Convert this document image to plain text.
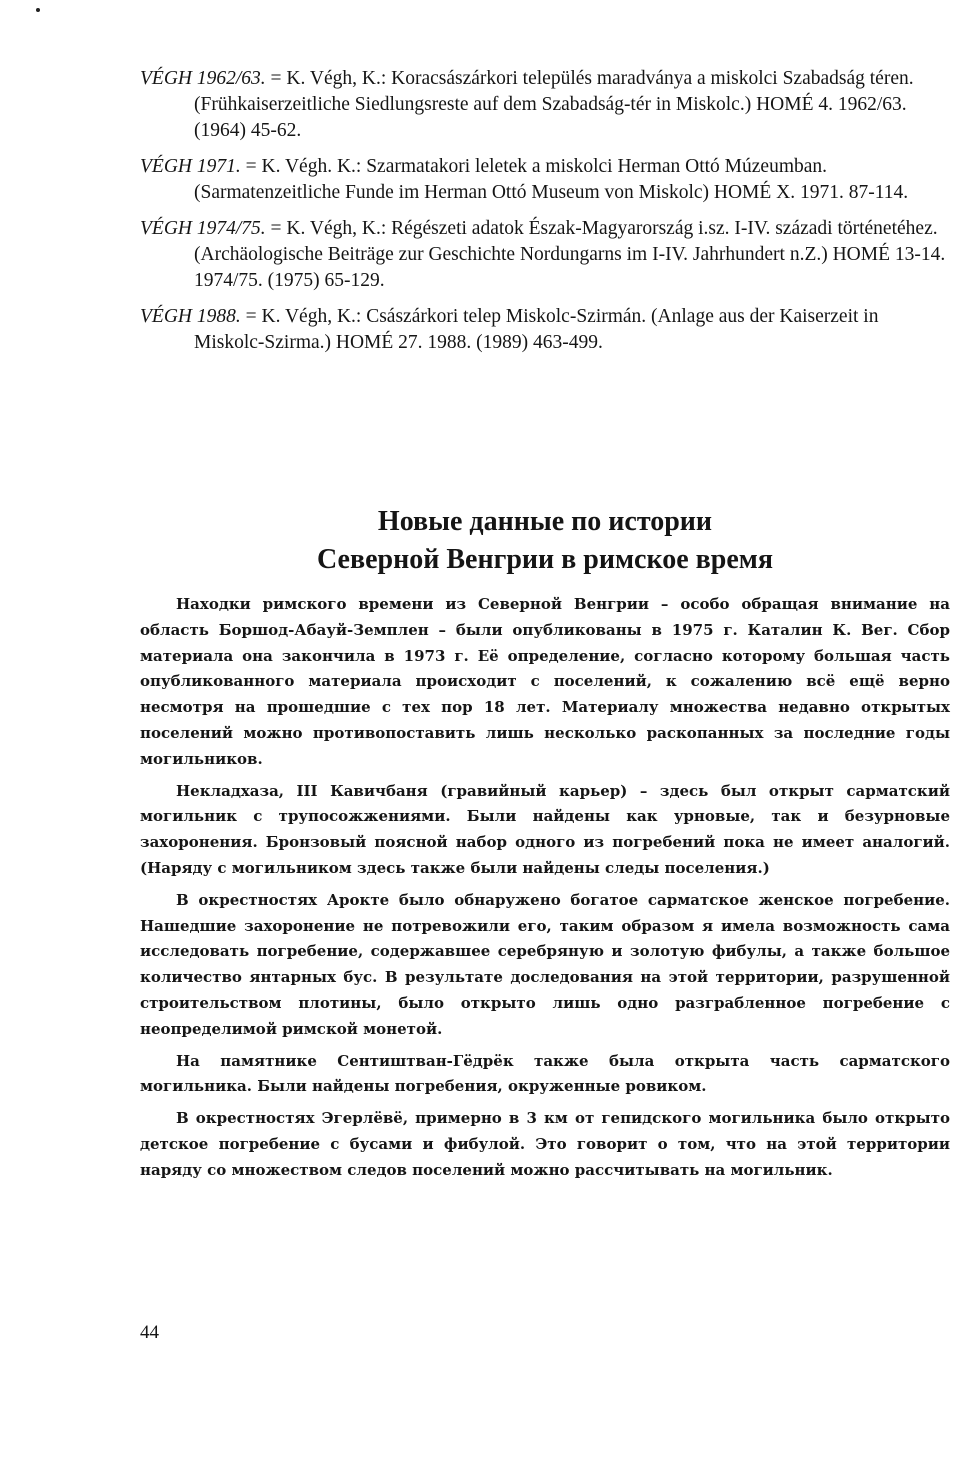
VÉGH 1962/63. = K. Végh, K.: Koracsászárkori település maradványa a miskolci Szabadság téren. (Frühkaiserzeitliche Siedlungsreste auf dem Szabadság-tér in Miskolc.) HOMÉ 4. 1962/63. (1964) 45-62.

VÉGH 1971. = K. Végh. K.: Szarmatakori leletek a miskolci Herman Ottó Múzeumban. (Sarmatenzeitliche Funde im Herman Ottó Museum von Miskolc) HOMÉ X. 1971. 87-114.

VÉGH 1974/75. = K. Végh, K.: Régészeti adatok Észak-Magyarország i.sz. I-IV. századi történetéhez. (Archäologische Beiträge zur Geschichte Nordungarns im I-IV. Jahrhundert n.Z.) HOMÉ 13-14. 1974/75. (1975) 65-129.

VÉGH 1988. = K. Végh, K.: Császárkori telep Miskolc-Szirmán. (Anlage aus der Kaiserzeit in Miskolc-Szirma.) HOMÉ 27. 1988. (1989) 463-499.

Новые данные по истории
Северной Венгрии в римское время

Находки римского времени из Северной Венгрии – особо обращая внимание на область Боршод-Абауй-Земплен – были опубликованы в 1975 г. Каталин К. Вег. Сбор материала она закончила в 1973 г. Её определение, согласно которому большая часть опубликованного материала происходит с поселений, к сожалению всё ещё верно несмотря на прошедшие с тех пор 18 лет. Материалу множества недавно открытых поселений можно противопоставить лишь несколько раскопанных за последние годы могильников.

Некладхаза, III Кавичбаня (гравийный карьер) – здесь был открыт сарматский могильник с трупосожжениями. Были найдены как урновые, так и безурновые захоронения. Бронзовый поясной набор одного из погребений пока не имеет аналогий. (Наряду с могильником здесь также были найдены следы поселения.)

В окрестностях Арокте было обнаружено богатое сарматское женское погребение. Нашедшие захоронение не потревожили его, таким образом я имела возможность сама исследовать погребение, содержавшее серебряную и золотую фибулы, а также большое количество янтарных бус. В результате доследования на этой территории, разрушенной строительством плотины, было открыто лишь одно разграбленное погребение с неопределимой римской монетой.

На памятнике Сентиштван-Гёдрёк также была открыта часть сарматского могильника. Были найдены погребения, окруженные ровиком.

В окрестностях Эгерлёвё, примерно в 3 км от гепидского могильника было открыто детское погребение с бусами и фибулой. Это говорит о том, что на этой территории наряду со множеством следов поселений можно рассчитывать на могильник.

44
